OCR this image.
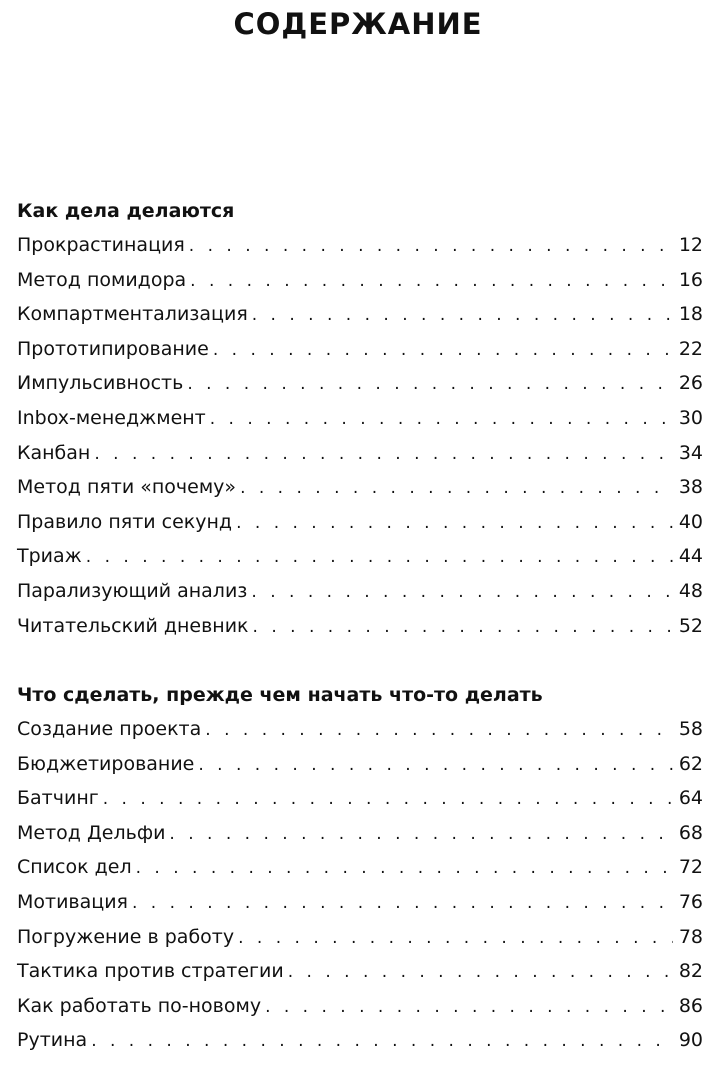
СОДЕРЖАНИЕ
Как дела делаются
Прокрастинация . . .	12
Метод помидора . . .	16
Компартментализация . . .	18
Прототипирование . . .	22
Импульсивность . . .	26
Inbox-менеджмент . . .	30
Канбан . . .	34
Метод пяти «почему» . . .	38
Правило пяти секунд . . .	40
Триаж . . .	44
Парализующий анализ . . .	48
Читательский дневник . . .	52
Что сделать, прежде чем начать что-то делать
Создание проекта . . .	58
Бюджетирование . . .	62
Батчинг . . .	64
Метод Дельфи . . .	68
Список дел . . .	72
Мотивация . . .	76
Погружение в работу . . .	78
Тактика против стратегии . . .	82
Как работать по-новому . . .	86
Рутина . . .	90
